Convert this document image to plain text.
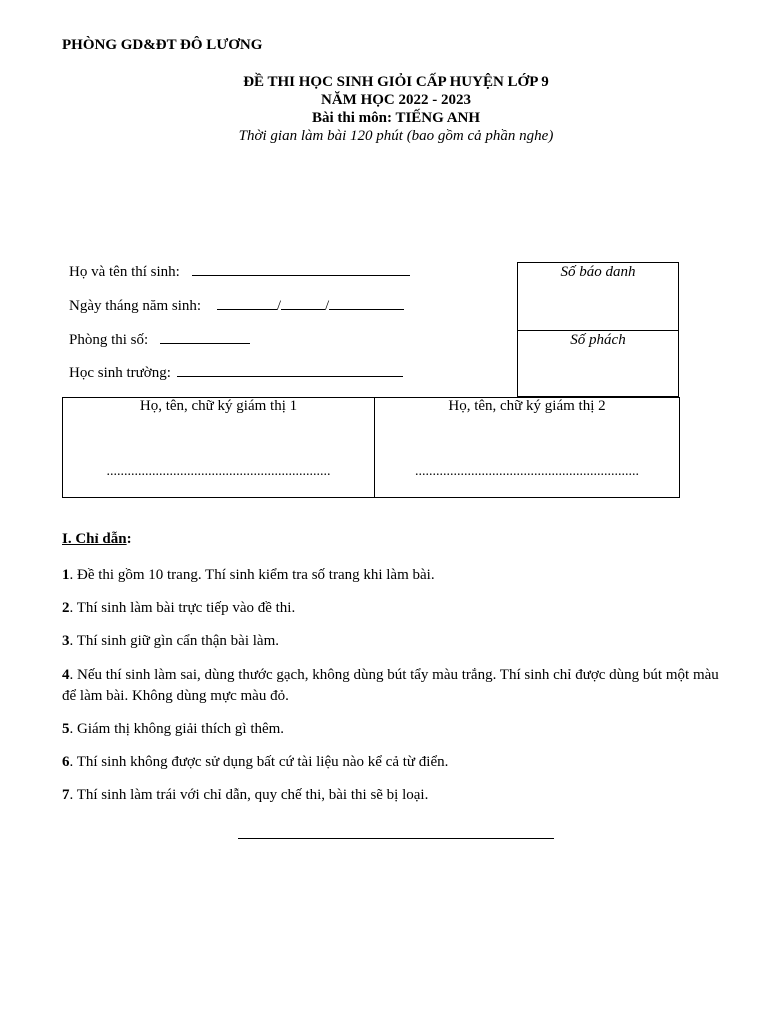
PHÒNG GD&ĐT ĐÔ LƯƠNG
ĐỀ THI HỌC SINH GIỎI CẤP HUYỆN LỚP 9
NĂM HỌC 2022 - 2023
Bài thi môn: TIẾNG ANH
Thời gian làm bài 120 phút (bao gồm cả phần nghe)
Họ và tên thí sinh:
Ngày tháng năm sinh:	/	/
Phòng thi số:
Học sinh trường:
Số báo danh
Số phách
Họ, tên, chữ ký giám thị 1
................................................................
Họ, tên, chữ ký giám thị 2
................................................................
I. Chỉ dẫn:
1. Đề thi gồm 10 trang. Thí sinh kiểm tra số trang khi làm bài.
2. Thí sinh làm bài trực tiếp vào đề thi.
3. Thí sinh giữ gìn cẩn thận bài làm.
4. Nếu thí sinh làm sai, dùng thước gạch, không dùng bút tẩy màu trắng. Thí sinh chỉ được dùng bút một màu để làm bài. Không dùng mực màu đỏ.
5. Giám thị không giải thích gì thêm.
6. Thí sinh không được sử dụng bất cứ tài liệu nào kể cả từ điển.
7. Thí sinh làm trái với chỉ dẫn, quy chế thi, bài thi sẽ bị loại.
